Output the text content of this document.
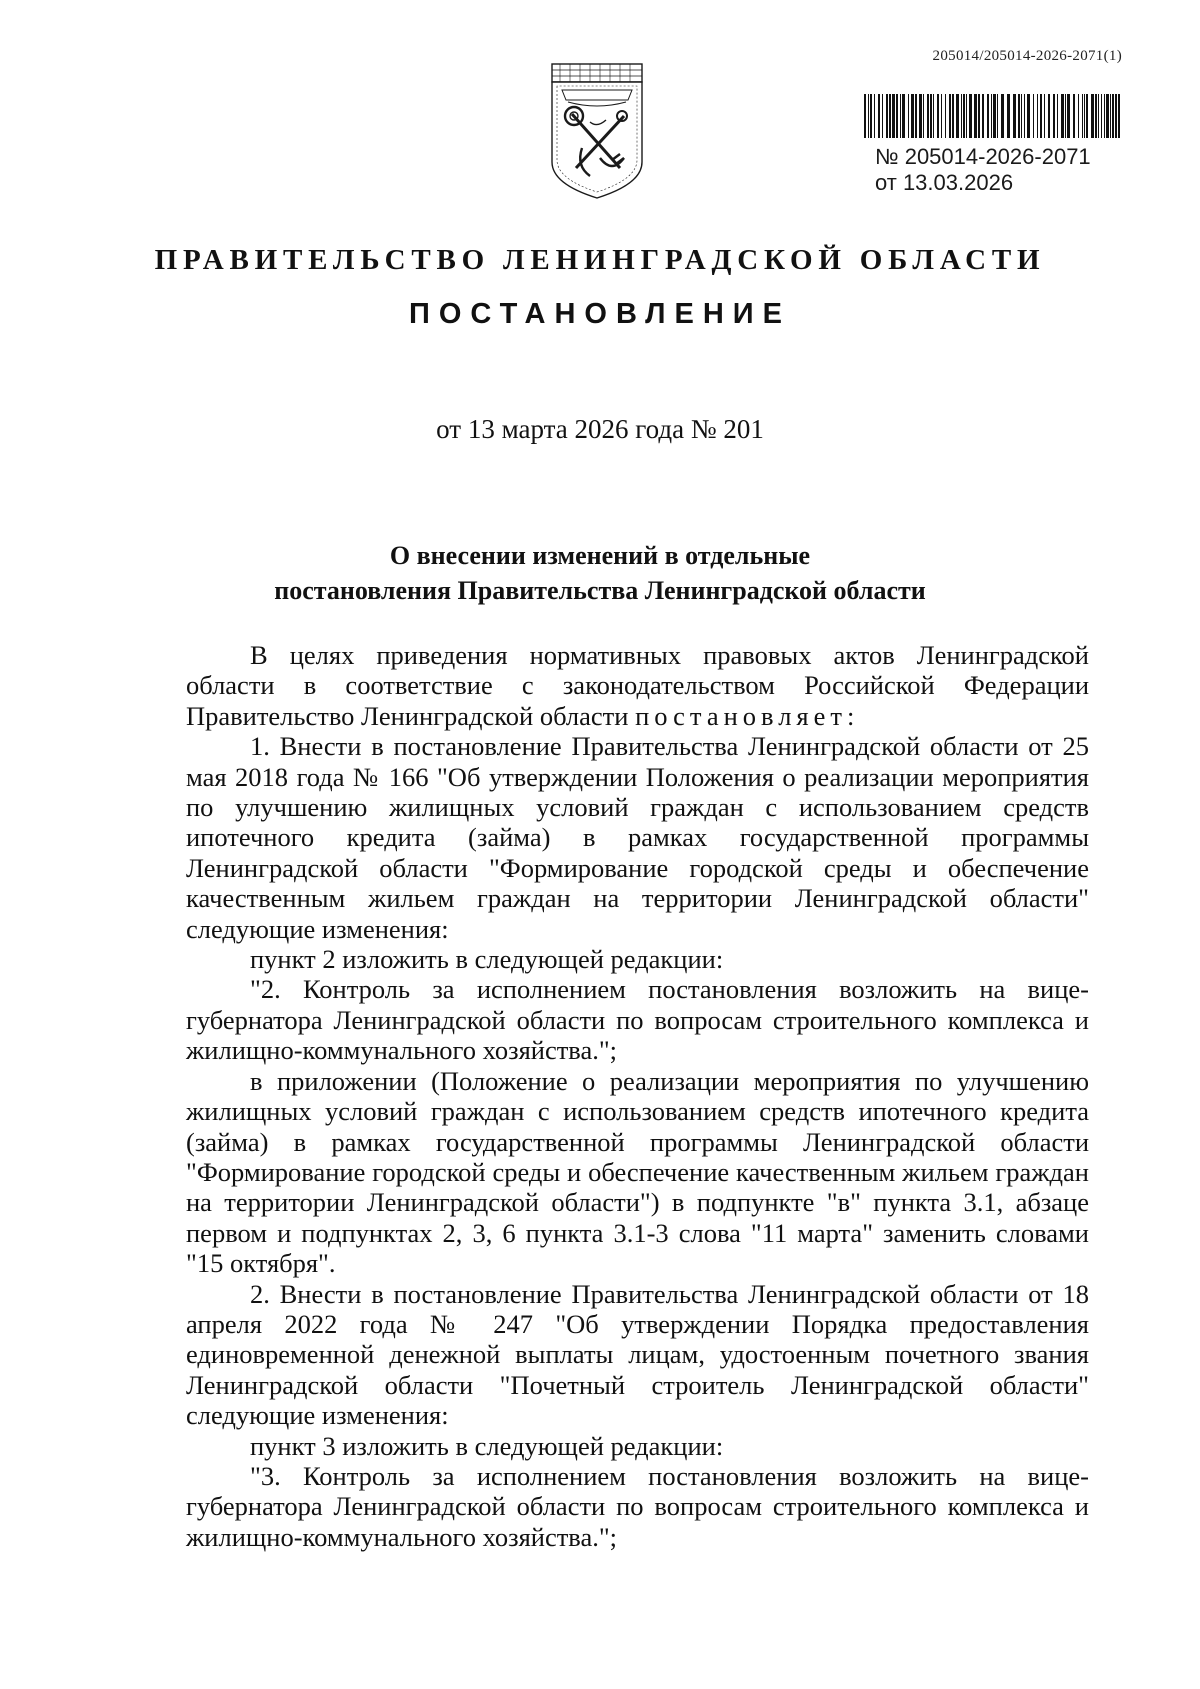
205014/205014-2026-2071(1)
№ 205014-2026-2071
от 13.03.2026
ПРАВИТЕЛЬСТВО ЛЕНИНГРАДСКОЙ ОБЛАСТИ
ПОСТАНОВЛЕНИЕ
от 13 марта 2026 года № 201
О внесении изменений в отдельные
постановления Правительства Ленинградской области

В целях приведения нормативных правовых актов Ленинградской области в соответствие с законодательством Российской Федерации Правительство Ленинградской области постановляет:

1. Внести в постановление Правительства Ленинградской области от 25 мая 2018 года № 166 "Об утверждении Положения о реализации мероприятия по улучшению жилищных условий граждан с использованием средств ипотечного кредита (займа) в рамках государственной программы Ленинградской области "Формирование городской среды и обеспечение качественным жильем граждан на территории Ленинградской области" следующие изменения:

пункт 2 изложить в следующей редакции:

"2. Контроль за исполнением постановления возложить на вице-губернатора Ленинградской области по вопросам строительного комплекса и жилищно-коммунального хозяйства.";

в приложении (Положение о реализации мероприятия по улучшению жилищных условий граждан с использованием средств ипотечного кредита (займа) в рамках государственной программы Ленинградской области "Формирование городской среды и обеспечение качественным жильем граждан на территории Ленинградской области") в подпункте "в" пункта 3.1, абзаце первом и подпунктах 2, 3, 6 пункта 3.1-3 слова "11 марта" заменить словами "15 октября".

2. Внести в постановление Правительства Ленинградской области от 18 апреля 2022 года № 247 "Об утверждении Порядка предоставления единовременной денежной выплаты лицам, удостоенным почетного звания Ленинградской области "Почетный строитель Ленинградской области" следующие изменения:

пункт 3 изложить в следующей редакции:

"3. Контроль за исполнением постановления возложить на вице-губернатора Ленинградской области по вопросам строительного комплекса и жилищно-коммунального хозяйства.";
